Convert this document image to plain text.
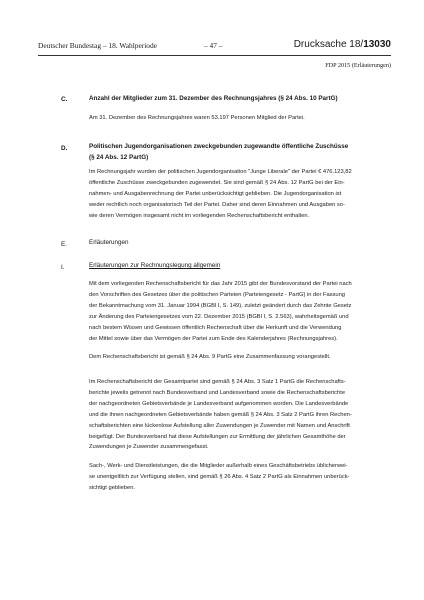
Deutscher Bundestag – 18. Wahlperiode	– 47 –	Drucksache 18/13030
FDP 2015 (Erläuterungen)
C.	Anzahl der Mitglieder zum 31. Dezember des Rechnungsjahres (§ 24 Abs. 10 PartG)
Am 31. Dezember des Rechnungsjahres waren 53.197 Personen Mitglied der Partei.
D.	Politischen Jugendorganisationen zweckgebunden zugewandte öffentliche Zuschüsse
(§ 24 Abs. 12 PartG)
Im Rechnungsjahr wurden der politischen Jugendorganisation "Junge Liberale" der Partei € 476.123,82
öffentliche Zuschüsse zweckgebunden zugewendet. Sie sind gemäß § 24 Abs. 12 PartG bei der Ein-
nahmen- und Ausgabenrechnung der Partei unberücksichtigt geblieben. Die Jugendorganisation ist
weder rechtlich noch organisatorisch Teil der Partei. Daher sind deren Einnahmen und Ausgaben so-
wie deren Vermögen insgesamt nicht im vorliegenden Rechenschaftsbericht enthalten.
E.	Erläuterungen
I.	Erläuterungen zur Rechnungslegung allgemein
Mit dem vorliegenden Rechenschaftsbericht für das Jahr 2015 gibt der Bundesvorstand der Partei nach
den Vorschriften des Gesetzes über die politischen Parteien (Parteiengesetz - PartG) in der Fassung
der Bekanntmachung vom 31. Januar 1994 (BGBl I, S. 149), zuletzt geändert durch das Zehnte Gesetz
zur Änderung des Parteiengesetzes vom 22. Dezember 2015 (BGBl I, S. 2.563), wahrheitsgemäß und
nach bestem Wissen und Gewissen öffentlich Rechenschaft über die Herkunft und die Verwendung
der Mittel sowie über das Vermögen der Partei zum Ende des Kalenderjahres (Rechnungsjahres).
Dem Rechenschaftsbericht ist gemäß § 24 Abs. 9 PartG eine Zusammenfassung vorangestellt.
Im Rechenschaftsbericht der Gesamtpartei sind gemäß § 24 Abs. 3 Satz 1 PartG die Rechenschafts-
berichte jeweils getrennt nach Bundesverband und Landesverband sowie die Rechenschaftsberichte
der nachgeordneten Gebietsverbände je Landesverband aufgenommen worden. Die Landesverbände
und die ihnen nachgeordneten Gebietsverbände haben gemäß § 24 Abs. 3 Satz 2 PartG ihren Rechen-
schaftsberichten eine lückenlose Aufstellung aller Zuwendungen je Zuwender mit Namen und Anschrift
beigefügt. Der Bundesverband hat diese Aufstellungen zur Ermittlung der jährlichen Gesamthöhe der
Zuwendungen je Zuwender zusammengefasst.
Sach-, Werk- und Dienstleistungen, die die Mitglieder außerhalb eines Geschäftsbetriebs üblicherwei-
se unentgeltlich zur Verfügung stellen, sind gemäß § 26 Abs. 4 Satz 2 PartG als Einnahmen unberück-
sichtigt geblieben.
